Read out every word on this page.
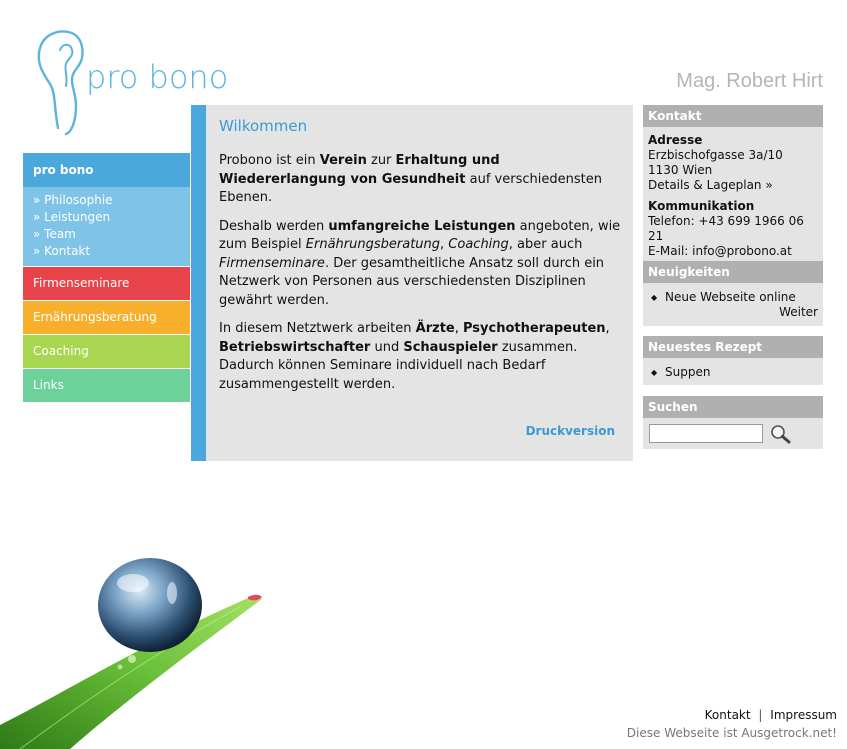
pro bono	Mag. Robert Hirt
pro bono
» Philosophie
» Leistungen
» Team
» Kontakt
Firmenseminare
Ernährungsberatung
Coaching
Links
Wilkommen

Probono ist ein Verein zur Erhaltung und Wiedererlangung von Gesundheit auf verschiedensten Ebenen.

Deshalb werden umfangreiche Leistungen angeboten, wie zum Beispiel Ernährungsberatung, Coaching, aber auch Firmenseminare. Der gesamtheitliche Ansatz soll durch ein Netzwerk von Personen aus verschiedensten Disziplinen gewährt werden.

In diesem Netztwerk arbeiten Ärzte, Psychotherapeuten, Betriebswirtschafter und Schauspieler zusammen. Dadurch können Seminare individuell nach Bedarf zusammengestellt werden.

Druckversion
Kontakt
Adresse
Erzbischofgasse 3a/10
1130 Wien
Details & Lageplan »
Kommunikation
Telefon: +43 699 1966 06 21
E-Mail: info@probono.at
Neuigkeiten
◆ Neue Webseite online
Weiter
Neuestes Rezept
◆ Suppen
Suchen

Kontakt | Impressum
Diese Webseite ist Ausgetrock.net!
